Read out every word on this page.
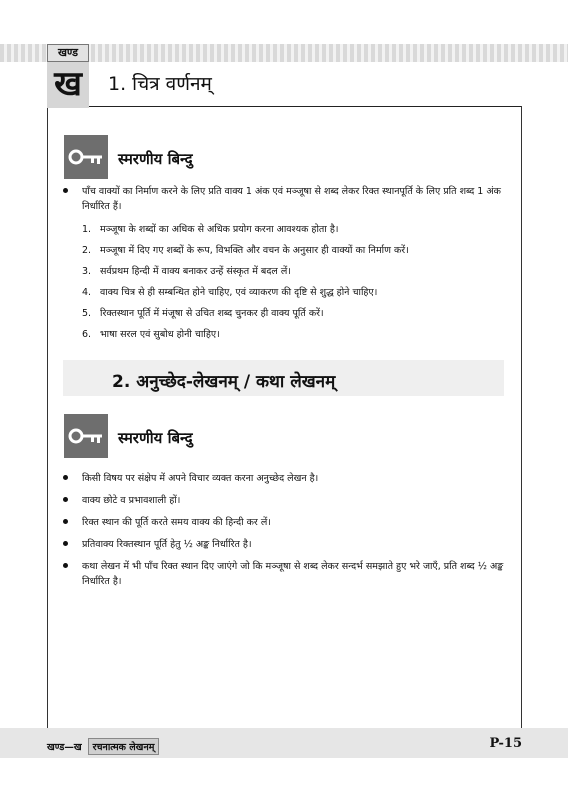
खण्ड
ख	1. चित्र वर्णनम्
स्मरणीय बिन्दु
पाँच वाक्यों का निर्माण करने के लिए प्रति वाक्य 1 अंक एवं मञ्जूषा से शब्द लेकर रिक्त स्थानपूर्ति के लिए प्रति शब्द 1 अंक निर्धारित हैं।
1. मञ्जूषा के शब्दों का अधिक से अधिक प्रयोग करना आवश्यक होता है।
2. मञ्जूषा में दिए गए शब्दों के रूप, विभक्ति और वचन के अनुसार ही वाक्यों का निर्माण करें।
3. सर्वप्रथम हिन्दी में वाक्य बनाकर उन्हें संस्कृत में बदल लें।
4. वाक्य चित्र से ही सम्बन्धित होने चाहिए, एवं व्याकरण की दृष्टि से शुद्ध होने चाहिए।
5. रिक्तस्थान पूर्ति में मंजूषा से उचित शब्द चुनकर ही वाक्य पूर्ति करें।
6. भाषा सरल एवं सुबोध होनी चाहिए।
2. अनुच्छेद-लेखनम् / कथा लेखनम्
स्मरणीय बिन्दु
किसी विषय पर संक्षेप में अपने विचार व्यक्त करना अनुच्छेद लेखन है।
वाक्य छोटे व प्रभावशाली हों।
रिक्त स्थान की पूर्ति करते समय वाक्य की हिन्दी कर लें।
प्रतिवाक्य रिक्तस्थान पूर्ति हेतु ½ अङ्क निर्धारित है।
कथा लेखन में भी पाँच रिक्त स्थान दिए जाएंगे जो कि मञ्जूषा से शब्द लेकर सन्दर्भ समझाते हुए भरे जाएँ, प्रति शब्द ½ अङ्क निर्धारित है।
खण्ड—ख	रचनात्मक लेखनम्	P-15
